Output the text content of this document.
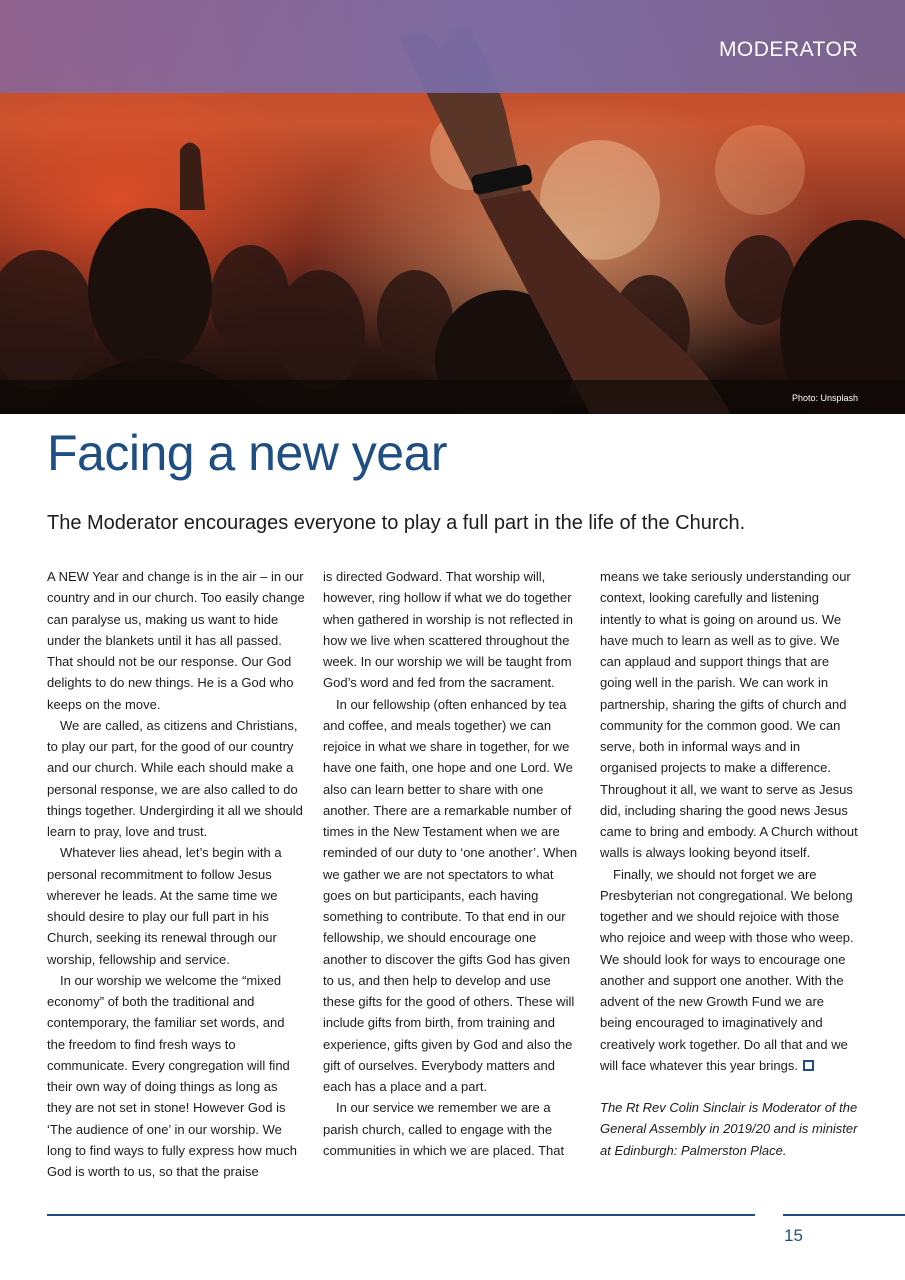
MODERATOR

Photo: Unsplash

Facing a new year

The Moderator encourages everyone to play a full part in the life of the Church.

A NEW Year and change is in the air – in our country and in our church. Too easily change can paralyse us, making us want to hide under the blankets until it has all passed. That should not be our response. Our God delights to do new things. He is a God who keeps on the move.

We are called, as citizens and Christians, to play our part, for the good of our country and our church. While each should make a personal response, we are also called to do things together. Undergirding it all we should learn to pray, love and trust.

Whatever lies ahead, let’s begin with a personal recommitment to follow Jesus wherever he leads. At the same time we should desire to play our full part in his Church, seeking its renewal through our worship, fellowship and service.

In our worship we welcome the “mixed economy” of both the traditional and contemporary, the familiar set words, and the freedom to find fresh ways to communicate. Every congregation will find their own way of doing things as long as they are not set in stone! However God is ‘The audience of one’ in our worship. We long to find ways to fully express how much God is worth to us, so that the praise

is directed Godward. That worship will, however, ring hollow if what we do together when gathered in worship is not reflected in how we live when scattered throughout the week. In our worship we will be taught from God’s word and fed from the sacrament.

In our fellowship (often enhanced by tea and coffee, and meals together) we can rejoice in what we share in together, for we have one faith, one hope and one Lord. We also can learn better to share with one another. There are a remarkable number of times in the New Testament when we are reminded of our duty to ‘one another’. When we gather we are not spectators to what goes on but participants, each having something to contribute. To that end in our fellowship, we should encourage one another to discover the gifts God has given to us, and then help to develop and use these gifts for the good of others. These will include gifts from birth, from training and experience, gifts given by God and also the gift of ourselves. Everybody matters and each has a place and a part.

In our service we remember we are a parish church, called to engage with the communities in which we are placed. That

means we take seriously understanding our context, looking carefully and listening intently to what is going on around us. We have much to learn as well as to give. We can applaud and support things that are going well in the parish. We can work in partnership, sharing the gifts of church and community for the common good. We can serve, both in informal ways and in organised projects to make a difference. Throughout it all, we want to serve as Jesus did, including sharing the good news Jesus came to bring and embody. A Church without walls is always looking beyond itself.

Finally, we should not forget we are Presbyterian not congregational. We belong together and we should rejoice with those who rejoice and weep with those who weep. We should look for ways to encourage one another and support one another. With the advent of the new Growth Fund we are being encouraged to imaginatively and creatively work together. Do all that and we will face whatever this year brings.

The Rt Rev Colin Sinclair is Moderator of the General Assembly in 2019/20 and is minister at Edinburgh: Palmerston Place.

15
